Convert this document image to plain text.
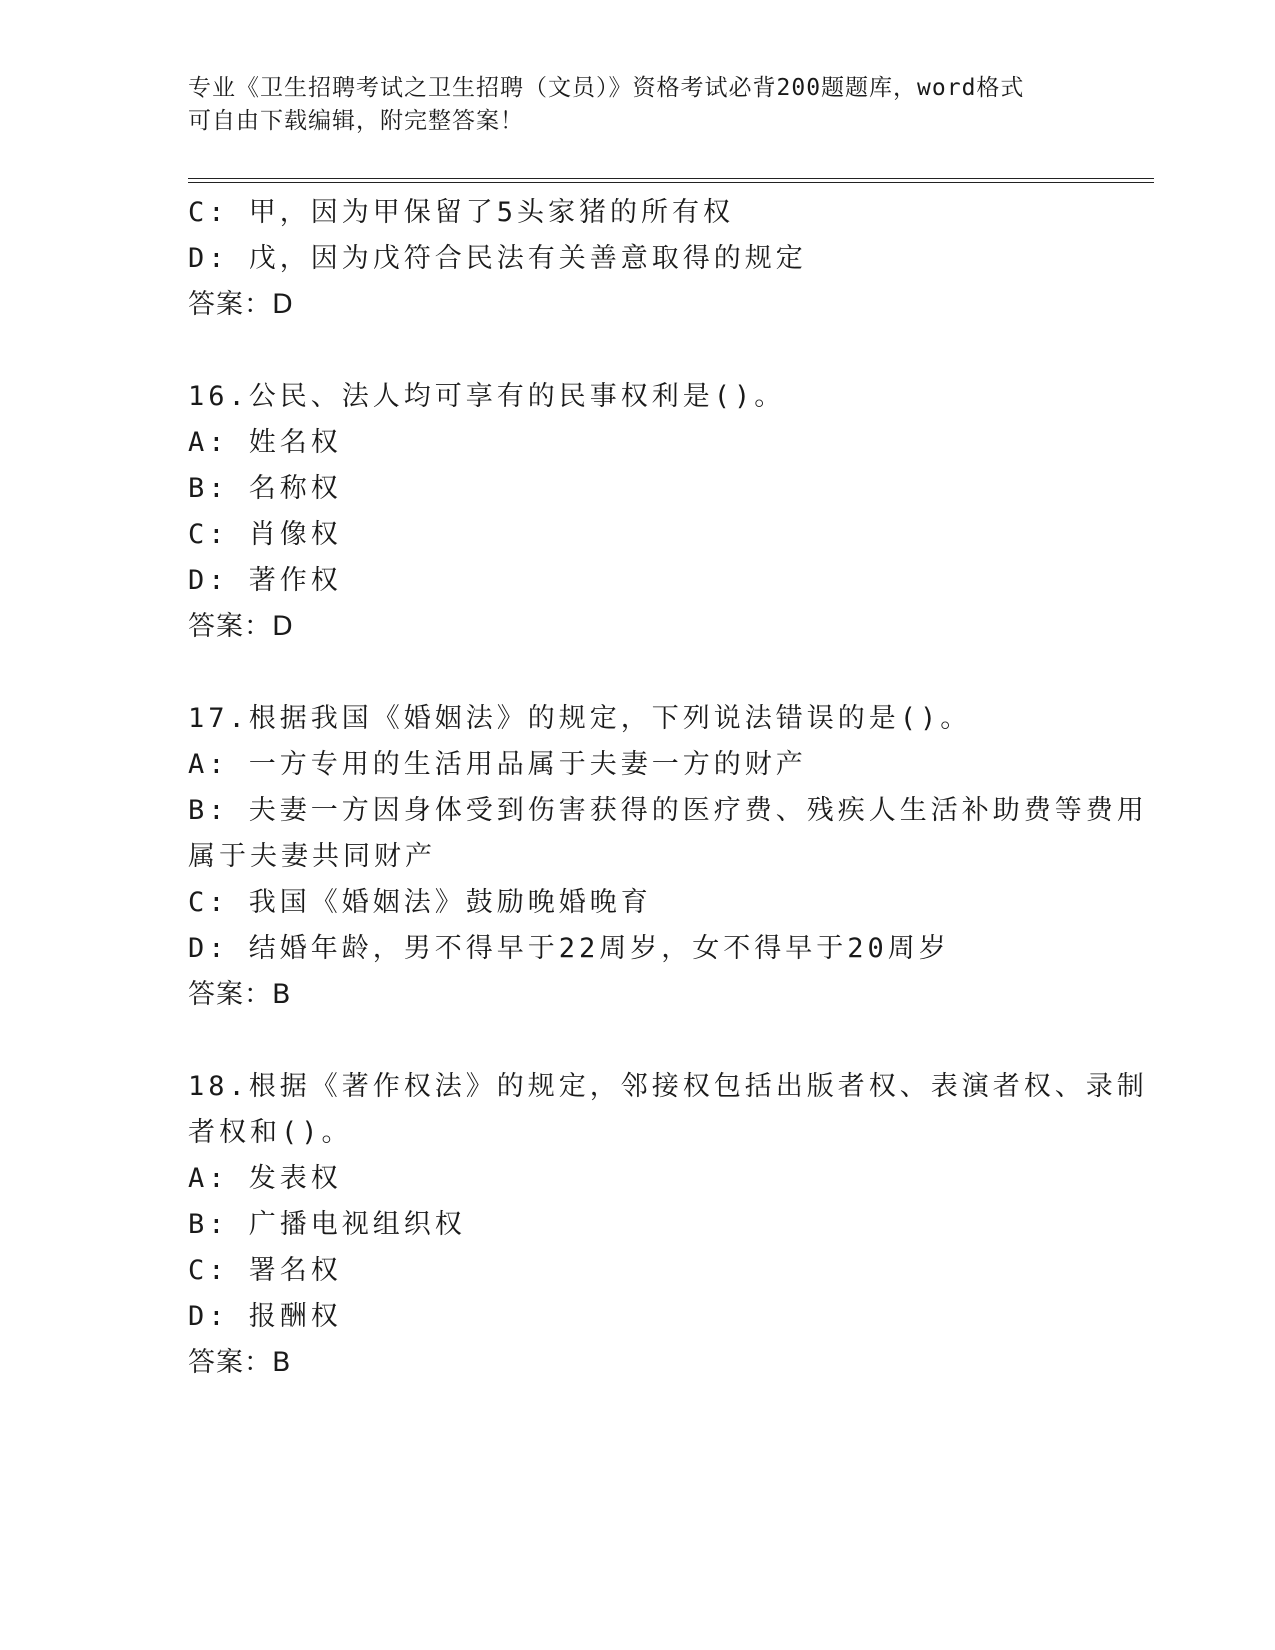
专业《卫生招聘考试之卫生招聘（文员）》资格考试必背200题题库，word格式
可自由下载编辑，附完整答案！
C: 甲，因为甲保留了5头家猪的所有权
D: 戊，因为戊符合民法有关善意取得的规定
答案：D
16.公民、法人均可享有的民事权利是()。
A: 姓名权
B: 名称权
C: 肖像权
D: 著作权
答案：D
17.根据我国《婚姻法》的规定，下列说法错误的是()。
A: 一方专用的生活用品属于夫妻一方的财产
B: 夫妻一方因身体受到伤害获得的医疗费、残疾人生活补助费等费用
属于夫妻共同财产
C: 我国《婚姻法》鼓励晚婚晚育
D: 结婚年龄，男不得早于22周岁，女不得早于20周岁
答案：B
18.根据《著作权法》的规定，邻接权包括出版者权、表演者权、录制
者权和()。
A: 发表权
B: 广播电视组织权
C: 署名权
D: 报酬权
答案：B
